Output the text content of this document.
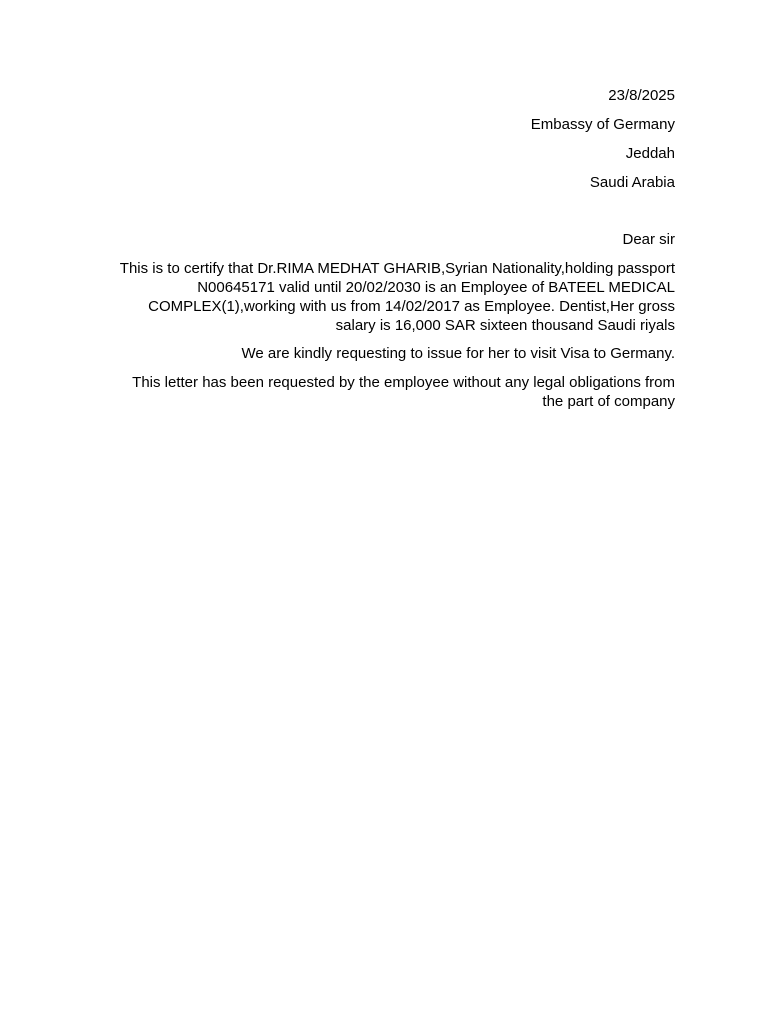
23/8/2025
Embassy of Germany
Jeddah
Saudi Arabia
Dear sir
This is to certify that Dr.RIMA MEDHAT GHARIB,Syrian Nationality,holding passport
N00645171 valid until 20/02/2030 is an Employee of BATEEL MEDICAL
COMPLEX(1),working with us from 14/02/2017 as Employee. Dentist,Her gross
salary is 16,000 SAR sixteen thousand Saudi riyals
We are kindly requesting to issue for her to visit Visa to Germany.
This letter has been requested by the employee without any legal obligations from
the part of company
